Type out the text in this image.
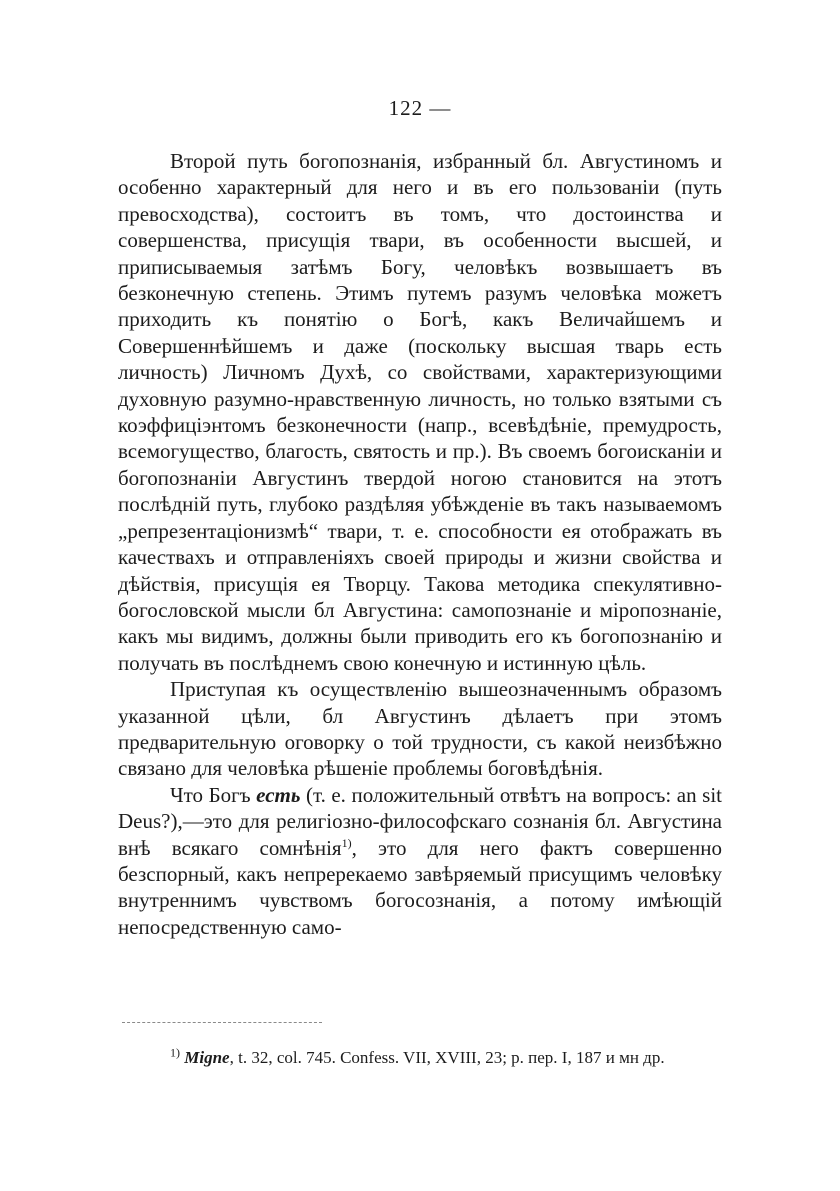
122 —

Второй путь богопознанія, избранный бл. Августиномъ и особенно характерный для него и въ его пользованіи (путь превосходства), состоитъ въ томъ, что достоинства и совершенства, присущія твари, въ особенности высшей, и приписываемыя затѣмъ Богу, человѣкъ возвышаетъ въ безконечную степень. Этимъ путемъ разумъ человѣка можетъ приходить къ понятію о Богѣ, какъ Величайшемъ и Совершеннѣйшемъ и даже (поскольку высшая тварь есть личность) Личномъ Духѣ, со свойствами, характеризующими духовную разумно-нравственную личность, но только взятыми съ коэффиціэнтомъ безконечности (напр., всевѣдѣніе, премудрость, всемогущество, благость, святость и пр.). Въ своемъ богоисканіи и богопознаніи Августинъ твердой ногою становится на этотъ послѣдній путь, глубоко раздѣляя убѣжденіе въ такъ называемомъ „репрезентаціонизмѣ“ твари, т. е. способности ея отображать въ качествахъ и отправленіяхъ своей природы и жизни свойства и дѣйствія, присущія ея Творцу. Такова методика спекулятивно-богословской мысли бл Августина: самопознаніе и міропознаніе, какъ мы видимъ, должны были приводить его къ богопознанію и получать въ послѣднемъ свою конечную и истинную цѣль.

Приступая къ осуществленію вышеозначеннымъ образомъ указанной цѣли, бл Августинъ дѣлаетъ при этомъ предварительную оговорку о той трудности, съ какой неизбѣжно связано для человѣка рѣшеніе проблемы боговѣдѣнія.

Что Богъ есть (т. е. положительный отвѣтъ на вопросъ: an sit Deus?),—это для религіозно-философскаго сознанія бл. Августина внѣ всякаго сомнѣнія$^{1)}$, это для него фактъ совершенно безспорный, какъ непререкаемо завѣряемый присущимъ человѣку внутреннимъ чувствомъ богосознанія, а потому имѣющій непосредственную само-

$^{1)}$ Migne, t. 32, col. 745. Confess. VII, XVIII, 23; р. пер. I, 187 и мн др.
